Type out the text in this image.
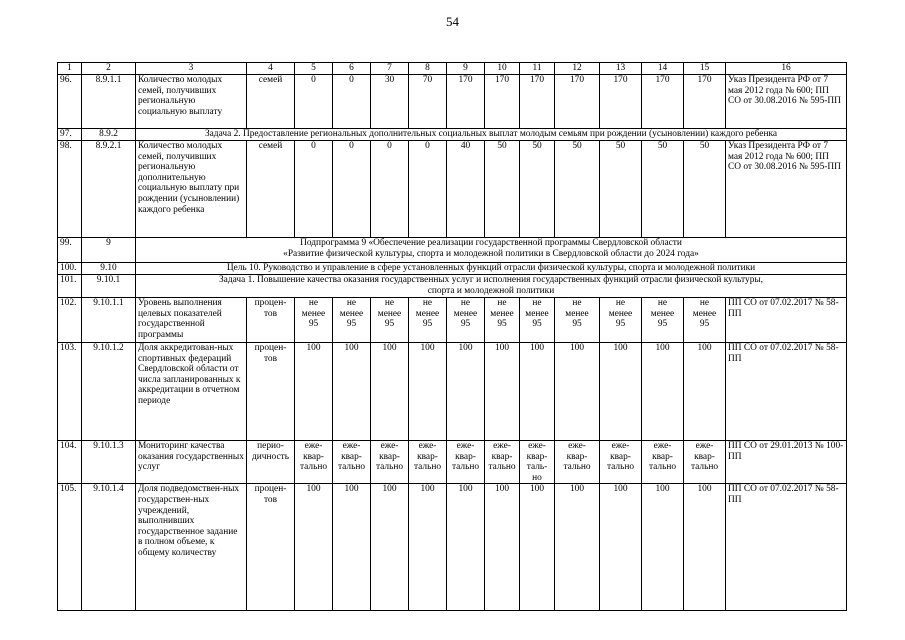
54
1	2	3	4	5	6	7	8	9	10	11	12	13	14	15	16
96.	8.9.1.1	Количество молодых семей, получивших региональную социальную выплату	семей	0	0	30	70	170	170	170	170	170	170	170	Указ Президента РФ от 7 мая 2012 года № 600; ПП СО от 30.08.2016 № 595-ПП
97.	8.9.2	Задача 2. Предоставление региональных дополнительных социальных выплат молодым семьям при рождении (усыновлении) каждого ребенка													
98.	8.9.2.1	Количество молодых семей, получивших региональную дополнительную социальную выплату при рождении (усыновлении) каждого ребенка	семей	0	0	0	0	40	50	50	50	50	50	50	Указ Президента РФ от 7 мая 2012 года № 600; ПП СО от 30.08.2016 № 595-ПП
99.	9	Подпрограмма 9 «Обеспечение реализации государственной программы Свердловской области
«Развитие физической культуры, спорта и молодежной политики в Свердловской области до 2024 года»													
100.	9.10	Цель 10. Руководство и управление в сфере установленных функций отрасли физической культуры, спорта и молодежной политики													
101.	9.10.1	Задача 1. Повышение качества оказания государственных услуг и исполнения государственных функций отрасли физической культуры,
спорта и молодежной политики													
102.	9.10.1.1	Уровень выполнения целевых показателей государственной программы	процен-
тов	не
менее
95	не
менее
95	не
менее
95	не
менее
95	не
менее
95	не
менее
95	не
менее
95	не
менее
95	не
менее
95	не
менее
95	не
менее
95	ПП СО от 07.02.2017 № 58-ПП
103.	9.10.1.2	Доля аккредитован-ных спортивных федераций Свердловской области от числа запланированных к аккредитации в отчетном периоде	процен-
тов	100	100	100	100	100	100	100	100	100	100	100	ПП СО от 07.02.2017 № 58-ПП
104.	9.10.1.3	Мониторинг качества оказания государственных услуг	перио-
дичность	еже-
квар-
тально	еже-
квар-
тально	еже-
квар-
тально	еже-
квар-
тально	еже-
квар-
тально	еже-
квар-
тально	еже-
квар-
таль-
но	еже-
квар-
тально	еже-
квар-
тально	еже-
квар-
тально	еже-
квар-
тально	ПП СО от 29.01.2013 № 100-ПП
105.	9.10.1.4	Доля подведомствен-ных государствен-ных учреждений, выполнивших государственное задание в полном объеме, к общему количеству	процен-
тов	100	100	100	100	100	100	100	100	100	100	100	ПП СО от 07.02.2017 № 58-ПП
